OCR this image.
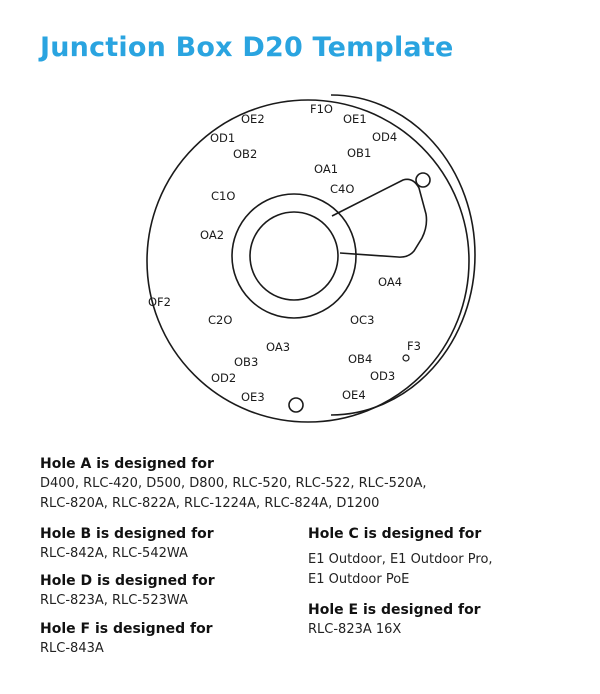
Junction Box D20 Template
OE2
F1O
OE1
OD1
OB2
OD4
OB1
OA1
C4O
C1O
OA2
OA4
OF2
C2O	OC3
OA3	F3
OB3	OB4
OD2	OD3
OE3	OE4
Hole A is designed for
D400, RLC-420, D500, D800, RLC-520, RLC-522, RLC-520A,
RLC-820A, RLC-822A, RLC-1224A, RLC-824A, D1200
Hole B is designed for
RLC-842A, RLC-542WA
Hole D is designed for
RLC-823A, RLC-523WA
Hole F is designed for
RLC-843A
Hole C is designed for
E1 Outdoor, E1 Outdoor Pro,
E1 Outdoor PoE
Hole E is designed for
RLC-823A 16X
